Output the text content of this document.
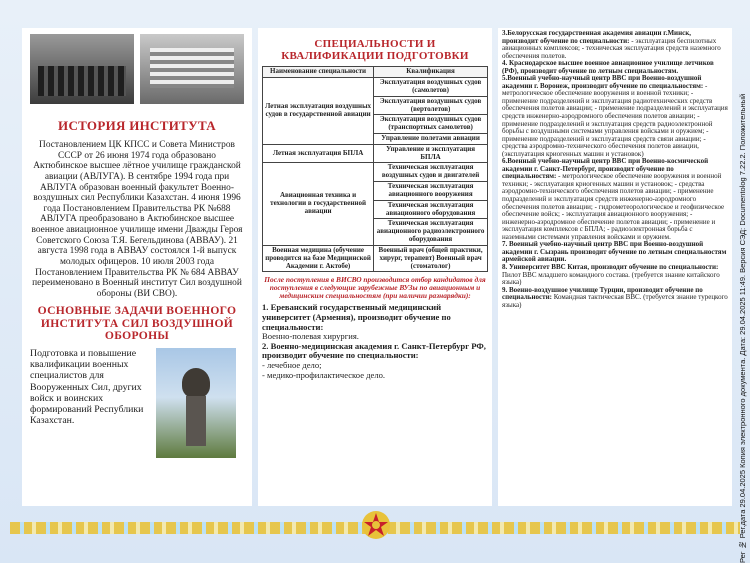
ИСТОРИЯ ИНСТИТУТА

Постановлением ЦК КПСС и Совета Министров СССР от 26 июня 1974 года образовано Актюбинское высшее лётное училище гражданской авиации (АВЛУГА). В сентябре 1994 года при АВЛУГА образован военный факультет Военно-воздушных сил Республики Казахстан. 4 июня 1996 года Постановлением Правительства РК №688 АВЛУГА преобразовано в Актюбинское высшее военное авиационное училище имени Дважды Героя Советского Союза Т.Я. Бегельдинова (АВВАУ). 21 августа 1998 года в АВВАУ состоялся 1-й выпуск молодых офицеров. 10 июля 2003 года Постановлением Правительства РК № 684 АВВАУ переименовано в Военный институт Сил воздушной обороны (ВИ СВО).

ОСНОВНЫЕ ЗАДАЧИ ВОЕННОГО ИНСТИТУТА СИЛ ВОЗДУШНОЙ ОБОРОНЫ
Подготовка и повышение квалификации военных специалистов для Вооруженных Сил, других войск и воинских формирований Республики Казахстан.
СПЕЦИАЛЬНОСТИ И КВАЛИФИКАЦИИ ПОДГОТОВКИ
Наименование специальности	Квалификация
Летная эксплуатация воздушных судов в государственной авиации	Эксплуатация воздушных судов (самолетов)
	Эксплуатация воздушных судов (вертолетов)
	Эксплуатация воздушных судов (транспортных самолетов)
	Управление полетами авиации
Летная эксплуатация БПЛА	Управление и эксплуатация БПЛА
Авиационная техника и технологии в государственной авиации	Техническая эксплуатация воздушных судов и двигателей
	Техническая эксплуатация авиационного вооружения
	Техническая эксплуатация авиационного оборудования
	Техническая эксплуатация авиационного радиоэлектронного оборудования
Военная медицина (обучение проводится на базе Медицинской Академии г. Актобе)	Военный врач (общей практики, хирург, терапевт) Военный врач (стоматолог)
После поступления в ВИСВО производится отбор кандидатов для поступления в следующие зарубежные ВУЗы по авиационным и медицинским специальностям (при наличии разнарядки):
1. Ереванский государственный медицинский университет (Армения), производит обучение по специальности:
Военно-полевая хирургия.
2. Военно-медицинская академия г. Санкт-Петербург РФ, производит обучение по специальности:
- лечебное дело;
- медико-профилактическое дело.
3.Белорусская государственная академия авиации г.Минск, производит обучение по специальности: - эксплуатация беспилотных авиационных комплексов; - техническая эксплуатация средств наземного обеспечения полетов.
4. Краснодарское высшее военное авиационное училище летчиков (РФ), производит обучение по летным специальностям.
5.Военный учебно-научный центр ВВС при Военно-воздушной академии г. Воронеж, производит обучение по специальностям: - метрологическое обеспечение вооружения и военной техники; - применение подразделений и эксплуатация радиотехнических средств обеспечения полетов авиации; - применение подразделений и эксплуатация средств инженерно-аэродромного обеспечения полетов авиации; - применение подразделений и эксплуатация средств радиоэлектронной борьбы с воздушными системами управления войсками и оружием; - применение подразделений и эксплуатация средств связи авиации; - средства аэродромно-технического обеспечения полетов авиации, (эксплуатация криогенных машин и установок)
6.Военный учебно-научный центр ВВС при Военно-космической академии г. Санкт-Петербург, производит обучение по специальностям: - метрологическое обеспечение вооружения и военной техники; - эксплуатация криогенных машин и установок; - средства аэродромно-технического обеспечения полетов авиации; - применение подразделений и эксплуатация средств инженерно-аэродромного обеспечения полетов авиации; - гидрометеорологическое и геофизическое обеспечение войск; - эксплуатация авиационного вооружения; - инженерно-аэродромное обеспечение полетов авиации; - применение и эксплуатация комплексов с БПЛА; - радиоэлектронная борьба с наземными системами управления войсками и оружием.
7. Военный учебно-научный центр ВВС при Военно-воздушной академии г. Сызрань производит обучение по летным специальностям армейской авиации.
8. Университет ВВС Китая, производит обучение по специальности: Пилот ВВС младшего командного состава. (требуется знание китайского языка)
9. Военно-воздушное училище Турции, производит обучение по специальности: Командная тактическая ВВС. (требуется знание турецкого языка)	Рег № Рег.дата 29.04.2025 Копия электронного документа. Дата: 29.04.2025 11:49. Версия СЭД: Documentolog 7.22.2. Положительный
